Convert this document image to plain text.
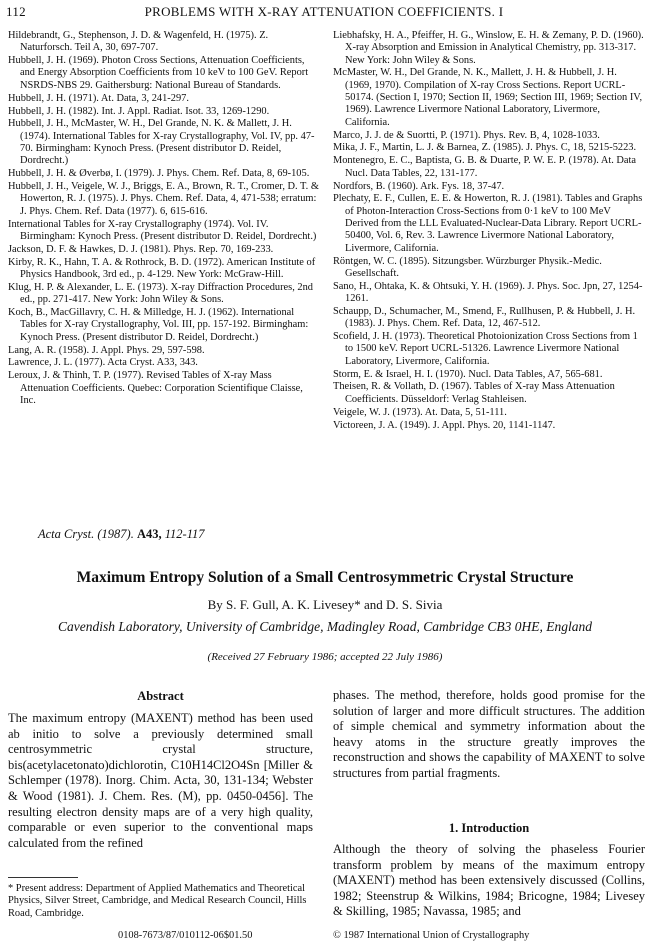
112	PROBLEMS WITH X-RAY ATTENUATION COEFFICIENTS. I

Hildebrandt, G., Stephenson, J. D. & Wagenfeld, H. (1975). Z. Naturforsch. Teil A, 30, 697-707.

Hubbell, J. H. (1969). Photon Cross Sections, Attenuation Coefficients, and Energy Absorption Coefficients from 10 keV to 100 GeV. Report NSRDS-NBS 29. Gaithersburg: National Bureau of Standards.

Hubbell, J. H. (1971). At. Data, 3, 241-297.

Hubbell, J. H. (1982). Int. J. Appl. Radiat. Isot. 33, 1269-1290.

Hubbell, J. H., McMaster, W. H., Del Grande, N. K. & Mallett, J. H. (1974). International Tables for X-ray Crystallography, Vol. IV, pp. 47-70. Birmingham: Kynoch Press. (Present distributor D. Reidel, Dordrecht.)

Hubbell, J. H. & Øverbø, I. (1979). J. Phys. Chem. Ref. Data, 8, 69-105.

Hubbell, J. H., Veigele, W. J., Briggs, E. A., Brown, R. T., Cromer, D. T. & Howerton, R. J. (1975). J. Phys. Chem. Ref. Data, 4, 471-538; erratum: J. Phys. Chem. Ref. Data (1977). 6, 615-616.

International Tables for X-ray Crystallography (1974). Vol. IV. Birmingham: Kynoch Press. (Present distributor D. Reidel, Dordrecht.)

Jackson, D. F. & Hawkes, D. J. (1981). Phys. Rep. 70, 169-233.

Kirby, R. K., Hahn, T. A. & Rothrock, B. D. (1972). American Institute of Physics Handbook, 3rd ed., p. 4-129. New York: McGraw-Hill.

Klug, H. P. & Alexander, L. E. (1973). X-ray Diffraction Procedures, 2nd ed., pp. 271-417. New York: John Wiley & Sons.

Koch, B., MacGillavry, C. H. & Milledge, H. J. (1962). International Tables for X-ray Crystallography, Vol. III, pp. 157-192. Birmingham: Kynoch Press. (Present distributor D. Reidel, Dordrecht.)

Lang, A. R. (1958). J. Appl. Phys. 29, 597-598.

Lawrence, J. L. (1977). Acta Cryst. A33, 343.

Leroux, J. & Thinh, T. P. (1977). Revised Tables of X-ray Mass Attenuation Coefficients. Quebec: Corporation Scientifique Claisse, Inc.

Liebhafsky, H. A., Pfeiffer, H. G., Winslow, E. H. & Zemany, P. D. (1960). X-ray Absorption and Emission in Analytical Chemistry, pp. 313-317. New York: John Wiley & Sons.

McMaster, W. H., Del Grande, N. K., Mallett, J. H. & Hubbell, J. H. (1969, 1970). Compilation of X-ray Cross Sections. Report UCRL-50174. (Section I, 1970; Section II, 1969; Section III, 1969; Section IV, 1969). Lawrence Livermore National Laboratory, Livermore, California.

Marco, J. J. de & Suortti, P. (1971). Phys. Rev. B, 4, 1028-1033.

Mika, J. F., Martin, L. J. & Barnea, Z. (1985). J. Phys. C, 18, 5215-5223.

Montenegro, E. C., Baptista, G. B. & Duarte, P. W. E. P. (1978). At. Data Nucl. Data Tables, 22, 131-177.

Nordfors, B. (1960). Ark. Fys. 18, 37-47.

Plechaty, E. F., Cullen, E. E. & Howerton, R. J. (1981). Tables and Graphs of Photon-Interaction Cross-Sections from 0·1 keV to 100 MeV Derived from the LLL Evaluated-Nuclear-Data Library. Report UCRL-50400, Vol. 6, Rev. 3. Lawrence Livermore National Laboratory, Livermore, California.

Röntgen, W. C. (1895). Sitzungsber. Würzburger Physik.-Medic. Gesellschaft.

Sano, H., Ohtaka, K. & Ohtsuki, Y. H. (1969). J. Phys. Soc. Jpn, 27, 1254-1261.

Schaupp, D., Schumacher, M., Smend, F., Rullhusen, P. & Hubbell, J. H. (1983). J. Phys. Chem. Ref. Data, 12, 467-512.

Scofield, J. H. (1973). Theoretical Photoionization Cross Sections from 1 to 1500 keV. Report UCRL-51326. Lawrence Livermore National Laboratory, Livermore, California.

Storm, E. & Israel, H. I. (1970). Nucl. Data Tables, A7, 565-681.

Theisen, R. & Vollath, D. (1967). Tables of X-ray Mass Attenuation Coefficients. Düsseldorf: Verlag Stahleisen.

Veigele, W. J. (1973). At. Data, 5, 51-111.

Victoreen, J. A. (1949). J. Appl. Phys. 20, 1141-1147.

Acta Cryst. (1987). A43, 112-117
Maximum Entropy Solution of a Small Centrosymmetric Crystal Structure
By S. F. Gull, A. K. Livesey* and D. S. Sivia
Cavendish Laboratory, University of Cambridge, Madingley Road, Cambridge CB3 0HE, England
(Received 27 February 1986; accepted 22 July 1986)
Abstract
The maximum entropy (MAXENT) method has been used ab initio to solve a previously determined small centrosymmetric crystal structure, bis(acetylacetonato)dichlorotin, C10H14Cl2O4Sn [Miller & Schlemper (1978). Inorg. Chim. Acta, 30, 131-134; Webster & Wood (1981). J. Chem. Res. (M), pp. 0450-0456]. The resulting electron density maps are of a very high quality, comparable or even superior to the conventional maps calculated from the refined
phases. The method, therefore, holds good promise for the solution of larger and more difficult structures. The addition of simple chemical and symmetry information about the heavy atoms in the structure greatly improves the reconstruction and shows the capability of MAXENT to solve structures from partial fragments.
1. Introduction
Although the theory of solving the phaseless Fourier transform problem by means of the maximum entropy (MAXENT) method has been extensively discussed (Collins, 1982; Steenstrup & Wilkins, 1984; Bricogne, 1984; Livesey & Skilling, 1985; Navassa, 1985; and
* Present address: Department of Applied Mathematics and Theoretical Physics, Silver Street, Cambridge, and Medical Research Council, Hills Road, Cambridge.
0108-7673/87/010112-06$01.50	© 1987 International Union of Crystallography
